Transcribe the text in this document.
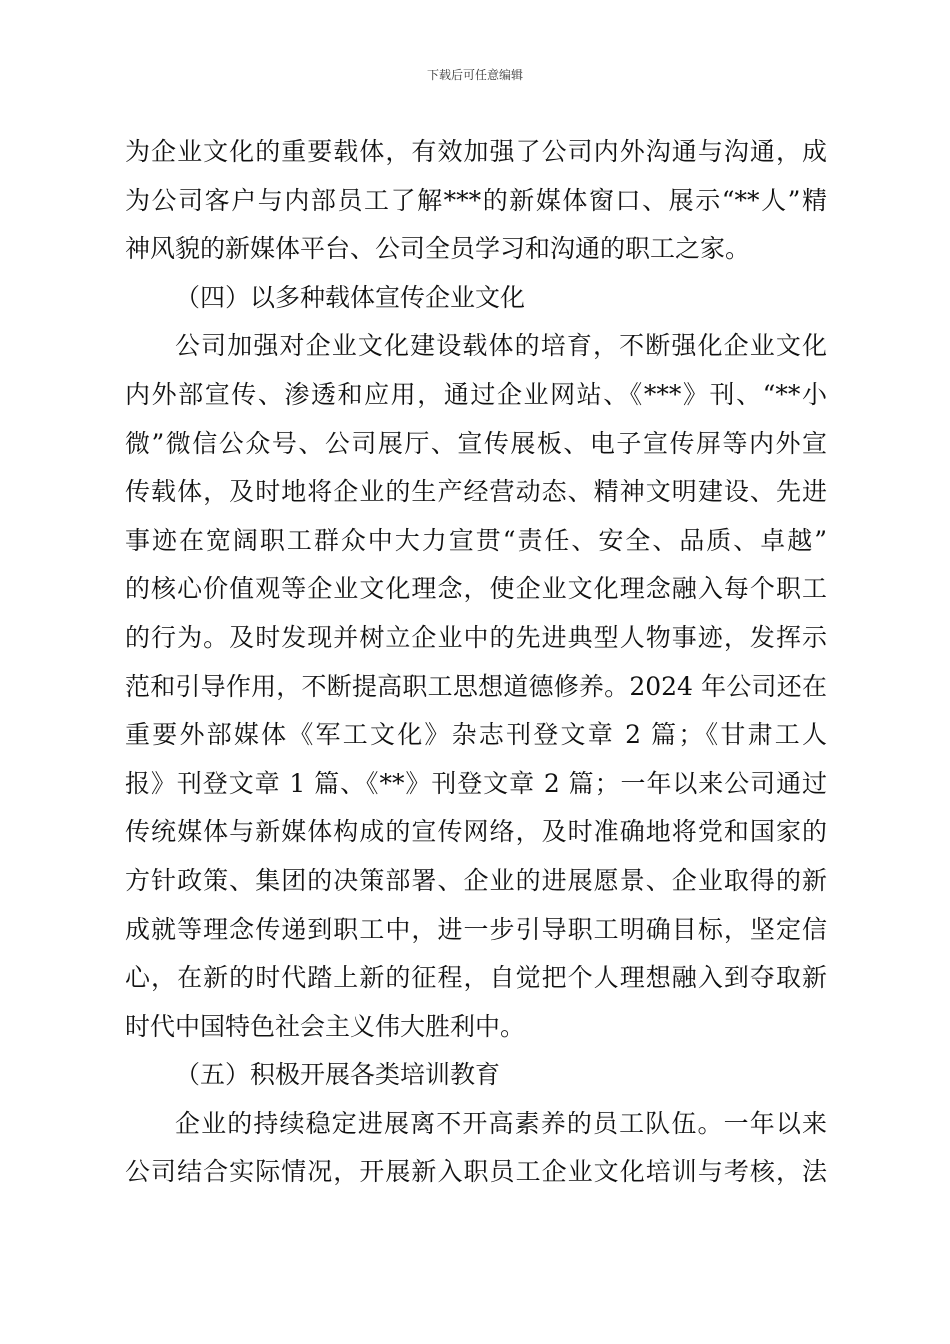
下载后可任意编辑
为企业文化的重要载体，有效加强了公司内外沟通与沟通，成
为公司客户与内部员工了解***的新媒体窗口、展示“**人”精
神风貌的新媒体平台、公司全员学习和沟通的职工之家。
（四）以多种载体宣传企业文化
公司加强对企业文化建设载体的培育，不断强化企业文化
内外部宣传、渗透和应用，通过企业网站、《***》刊、“**小
微”微信公众号、公司展厅、宣传展板、电子宣传屏等内外宣
传载体，及时地将企业的生产经营动态、精神文明建设、先进
事迹在宽阔职工群众中大力宣贯“责任、安全、品质、卓越”
的核心价值观等企业文化理念，使企业文化理念融入每个职工
的行为。及时发现并树立企业中的先进典型人物事迹，发挥示
范和引导作用，不断提高职工思想道德修养。2024 年公司还在
重要外部媒体《军工文化》杂志刊登文章 2 篇；《甘肃工人
报》刊登文章 1 篇、《**》刊登文章 2 篇；一年以来公司通过
传统媒体与新媒体构成的宣传网络，及时准确地将党和国家的
方针政策、集团的决策部署、企业的进展愿景、企业取得的新
成就等理念传递到职工中，进一步引导职工明确目标，坚定信
心，在新的时代踏上新的征程，自觉把个人理想融入到夺取新
时代中国特色社会主义伟大胜利中。
（五）积极开展各类培训教育
企业的持续稳定进展离不开高素养的员工队伍。一年以来
公司结合实际情况，开展新入职员工企业文化培训与考核，法
